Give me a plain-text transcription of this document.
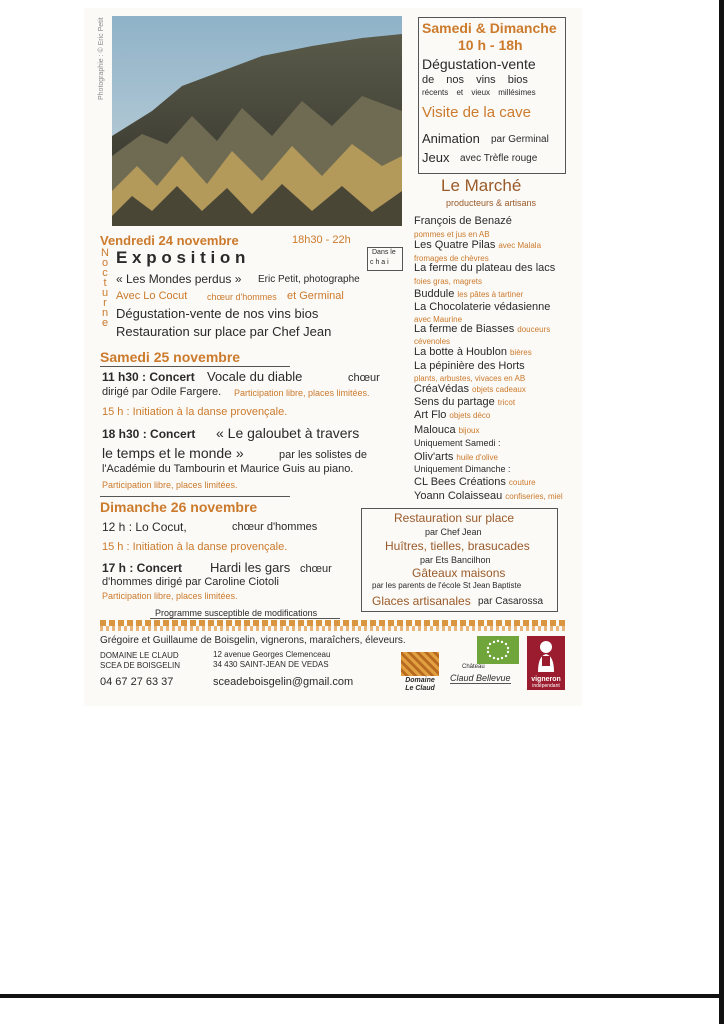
Photographie : © Eric Petit	Samedi & Dimanche
10 h - 18h
Dégustation-vente
de nos vins bios
récents et vieux millésimes
Visite de la cave
Animation par Germinal
Jeux avec Trèfle rouge
Le Marché
producteurs & artisans
François de Benazé
pommes et jus en AB
Les Quatre Pilas avec Malala
fromages de chèvres
La ferme du plateau des lacs
foies gras, magrets
Buddule les pâtes à tartiner
La Chocolaterie védasienne
avec Maurine
La ferme de Biasses douceurs
cévenoles
La botte à Houblon bières
La pépinière des Horts
plants, arbustes, vivaces en AB
CréaVédas objets cadeaux
Sens du partage tricot
Art Flo objets déco
Maloucа bijoux
Uniquement Samedi :
Oliv'arts huile d'olive
Uniquement Dimanche :
CL Bees Créations couture
Yoann Colaisseau confiseries, miel
Vendredi 24 novembre	18h30 - 22h
N
o
c
t
u
r
n
e
E x p o s i t i o n	Dans le
c h a i
« Les Mondes perdus » Eric Petit, photographe
Avec Lo Cocut chœur d'hommes et Germinal
Dégustation-vente de nos vins bios
Restauration sur place par Chef Jean
Samedi 25 novembre
11 h30 : Concert Vocale du diable	chœur
dirigé par Odile Fargere. Participation libre, places limitées.
15 h : Initiation à la danse provençale.
18 h30 : Concert « Le galoubet à travers
le temps et le monde »	par les solistes de
l'Académie du Tambourin et Maurice Guis au piano.
Participation libre, places limitées.
Dimanche 26 novembre
12 h : Lo Cocut,	chœur d'hommes
15 h : Initiation à la danse provençale.
17 h : Concert Hardi les gars chœur
d'hommes dirigé par Caroline Ciotoli
Participation libre, places limitées.
Restauration sur place
par Chef Jean
Huîtres, tielles, brasucades
par Ets Bancilhon
Gâteaux maisons
par les parents de l'école St Jean Baptiste
Glaces artisanales par Casarossa
Programme susceptible de modifications
Grégoire et Guillaume de Boisgelin, vignerons, maraîchers, éleveurs.
DOMAINE LE CLAUD
SCEA DE BOISGELIN
12 avenue Georges Clemenceau
34 430 SAINT-JEAN DE VEDAS
04 67 27 63 37	sceadeboisgelin@gmail.com	Domaine Le Claud
Château
Claud Bellevue	vigneron
indépendant
